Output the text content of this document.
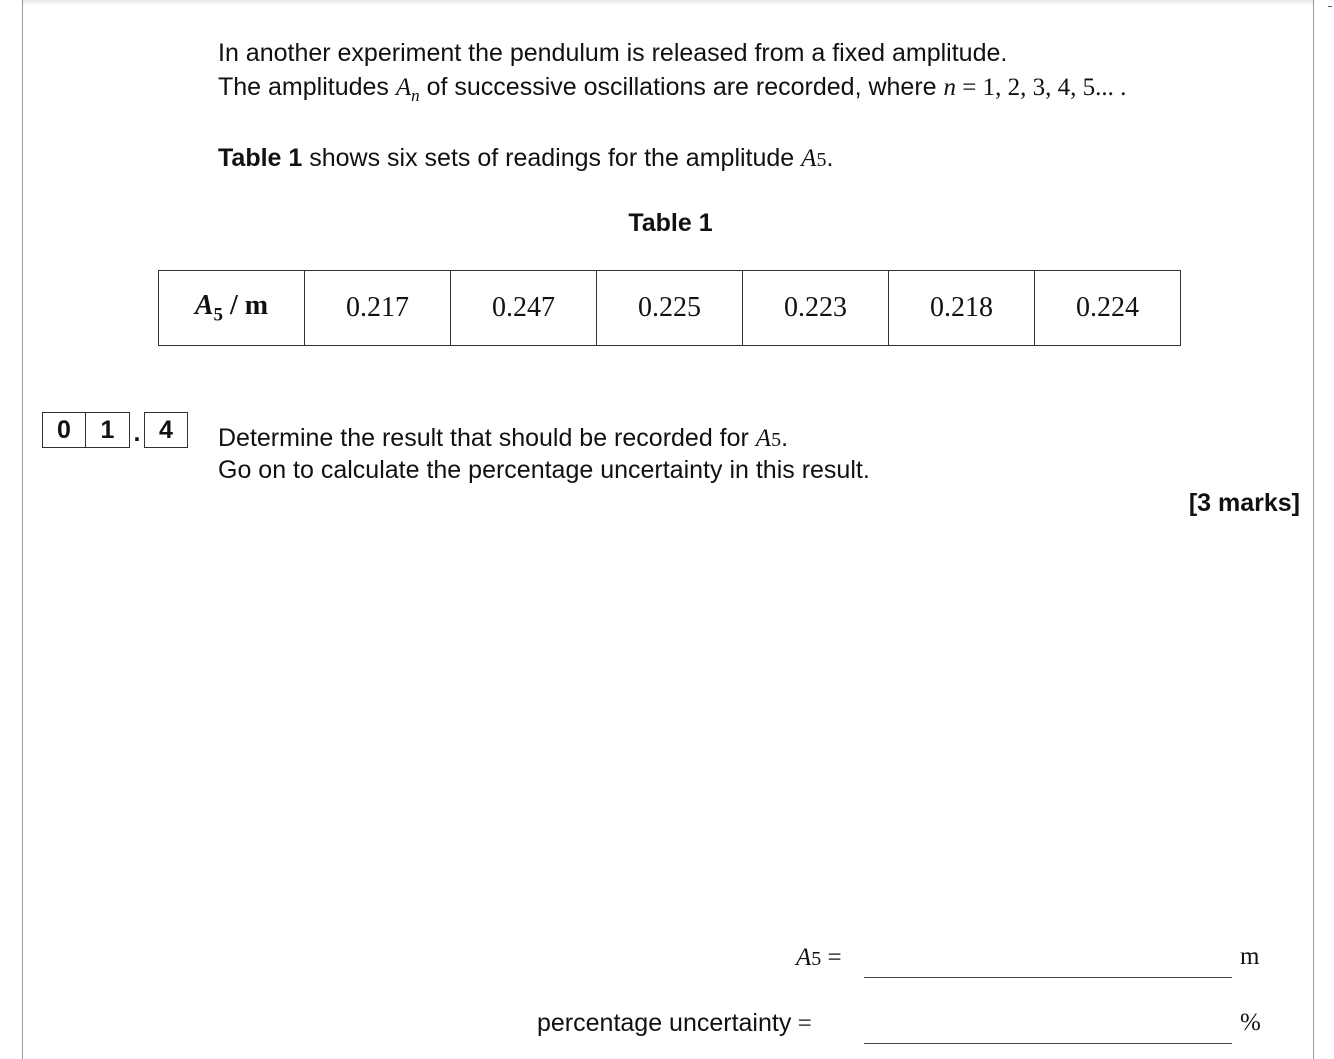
In another experiment the pendulum is released from a fixed amplitude.
The amplitudes $A_n$ of successive oscillations are recorded, where n = 1, 2, 3, 4, 5... .
Table 1 shows six sets of readings for the amplitude A5.
Table 1
$A_5$ / m	0.217	0.247	0.225	0.223	0.218	0.224
0	1 . 4	Determine the result that should be recorded for A5.
Go on to calculate the percentage uncertainty in this result.
[3 marks]
A5 =	m
percentage uncertainty =	%
